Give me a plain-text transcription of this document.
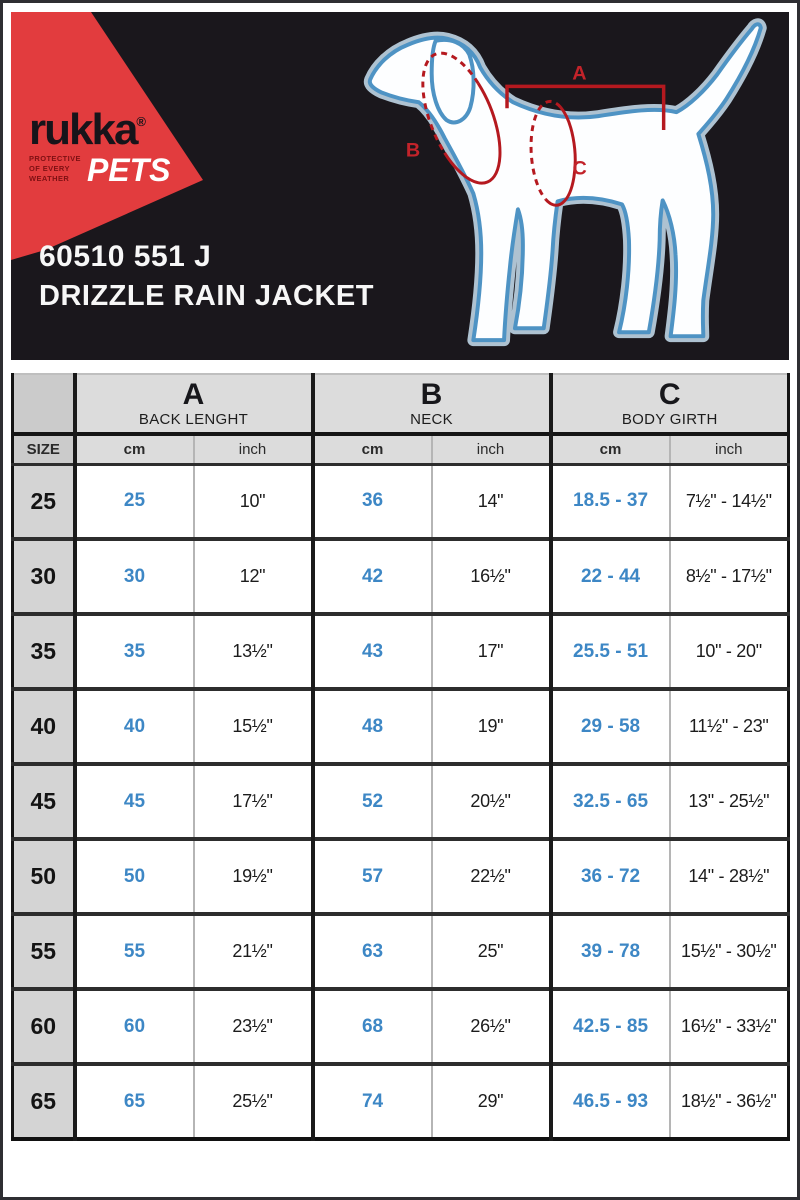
rukka®
PROTECTIVE
OF EVERY
WEATHER PETS
60510 551 J
DRIZZLE RAIN JACKET
A
B
C

A
BACK LENGHT

B
NECK

C
BODY GIRTH

SIZE	cm	inch	cm	inch	cm	inch
25	25	10"	36	14"	18.5 - 37	7½" - 14½"
30	30	12"	42	16½"	22 - 44	8½" - 17½"
35	35	13½"	43	17"	25.5 - 51	10" - 20"
40	40	15½"	48	19"	29 - 58	11½" - 23"
45	45	17½"	52	20½"	32.5 - 65	13" - 25½"
50	50	19½"	57	22½"	36 - 72	14" - 28½"
55	55	21½"	63	25"	39 - 78	15½" - 30½"
60	60	23½"	68	26½"	42.5 - 85	16½" - 33½"
65	65	25½"	74	29"	46.5 - 93	18½" - 36½"
